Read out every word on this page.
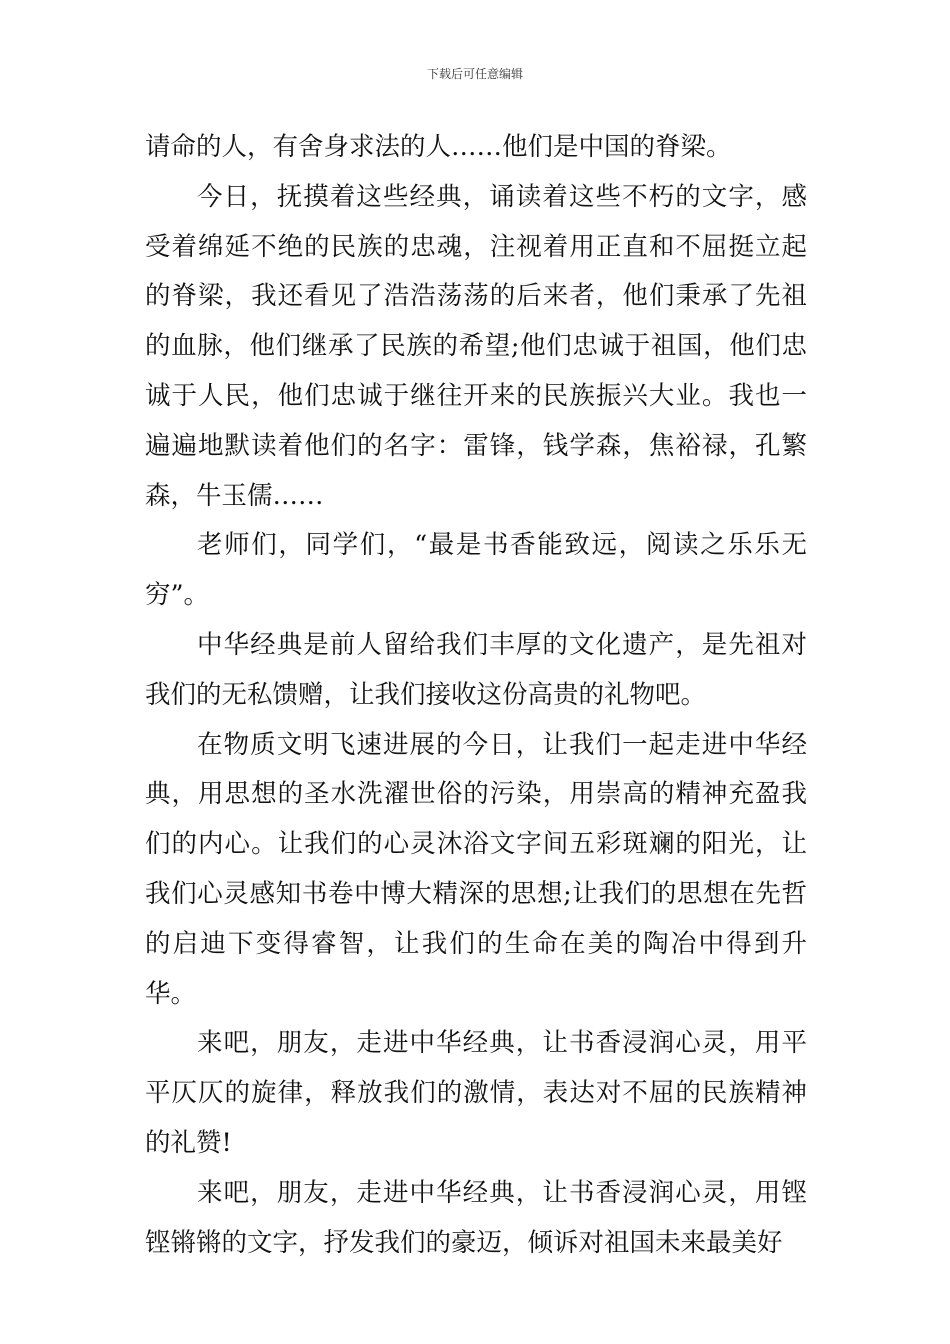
下载后可任意编辑

请命的人，有舍身求法的人……他们是中国的脊梁。

今日，抚摸着这些经典，诵读着这些不朽的文字，感受着绵延不绝的民族的忠魂，注视着用正直和不屈挺立起的脊梁，我还看见了浩浩荡荡的后来者，他们秉承了先祖的血脉，他们继承了民族的希望;他们忠诚于祖国，他们忠诚于人民，他们忠诚于继往开来的民族振兴大业。我也一遍遍地默读着他们的名字：雷锋，钱学森，焦裕禄，孔繁森，牛玉儒……

老师们，同学们，“最是书香能致远，阅读之乐乐无穷”。

中华经典是前人留给我们丰厚的文化遗产，是先祖对我们的无私馈赠，让我们接收这份高贵的礼物吧。

在物质文明飞速进展的今日，让我们一起走进中华经典，用思想的圣水洗濯世俗的污染，用崇高的精神充盈我们的内心。让我们的心灵沐浴文字间五彩斑斓的阳光，让我们心灵感知书卷中博大精深的思想;让我们的思想在先哲的启迪下变得睿智，让我们的生命在美的陶冶中得到升华。

来吧，朋友，走进中华经典，让书香浸润心灵，用平平仄仄的旋律，释放我们的激情，表达对不屈的民族精神的礼赞!

来吧，朋友，走进中华经典，让书香浸润心灵，用铿铿锵锵的文字，抒发我们的豪迈，倾诉对祖国未来最美好
